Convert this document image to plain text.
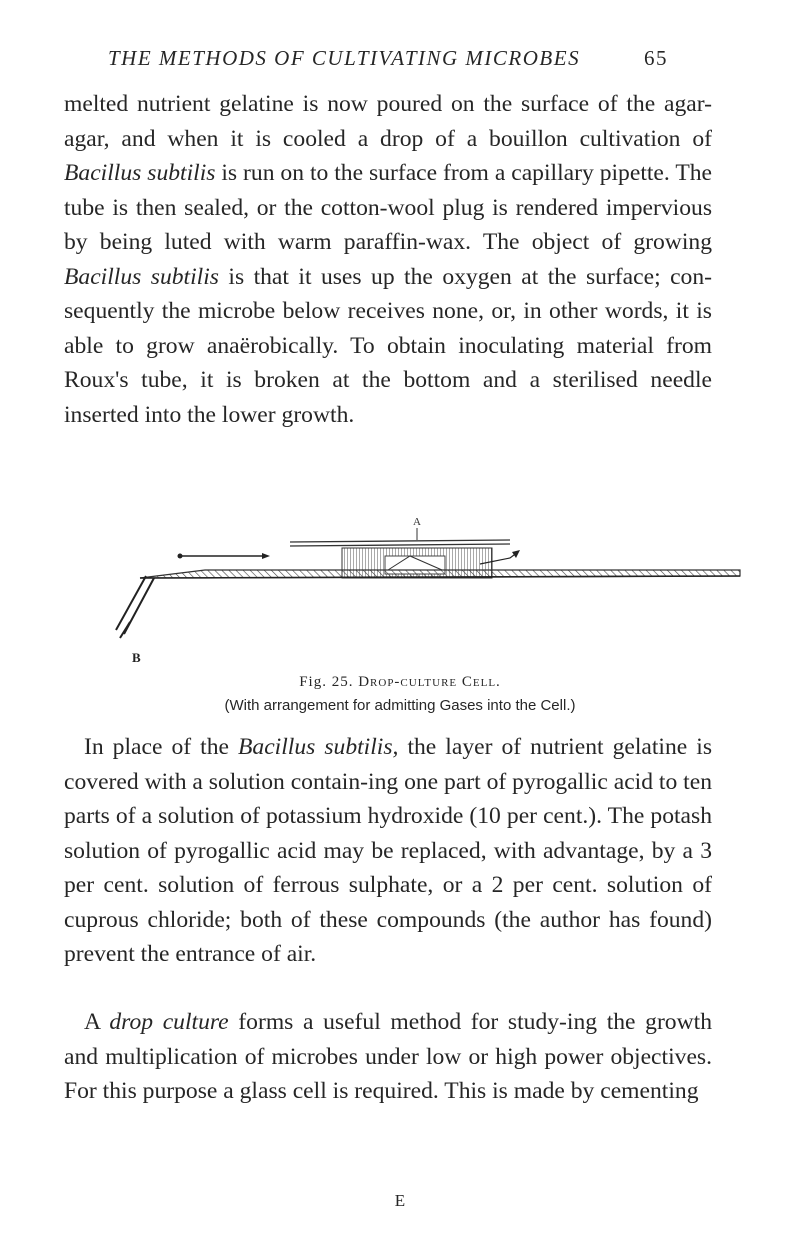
THE METHODS OF CULTIVATING MICROBES	65

melted nutrient gelatine is now poured on the surface of the agar-agar, and when it is cooled a drop of a bouillon cultivation of Bacillus subtilis is run on to the surface from a capillary pipette. The tube is then sealed, or the cotton-wool plug is rendered impervious by being luted with warm paraffin-wax. The object of growing Bacillus subtilis is that it uses up the oxygen at the surface; con-sequently the microbe below receives none, or, in other words, it is able to grow anaërobically. To obtain inoculating material from Roux's tube, it is broken at the bottom and a sterilised needle inserted into the lower growth.

A
B
Fig. 25. Drop-culture Cell.
(With arrangement for admitting Gases into the Cell.)

In place of the Bacillus subtilis, the layer of nutrient gelatine is covered with a solution contain-ing one part of pyrogallic acid to ten parts of a solution of potassium hydroxide (10 per cent.). The potash solution of pyrogallic acid may be replaced, with advantage, by a 3 per cent. solution of ferrous sulphate, or a 2 per cent. solution of cuprous chloride; both of these compounds (the author has found) prevent the entrance of air.

A drop culture forms a useful method for study-ing the growth and multiplication of microbes under low or high power objectives. For this purpose a glass cell is required. This is made by cementing

E
